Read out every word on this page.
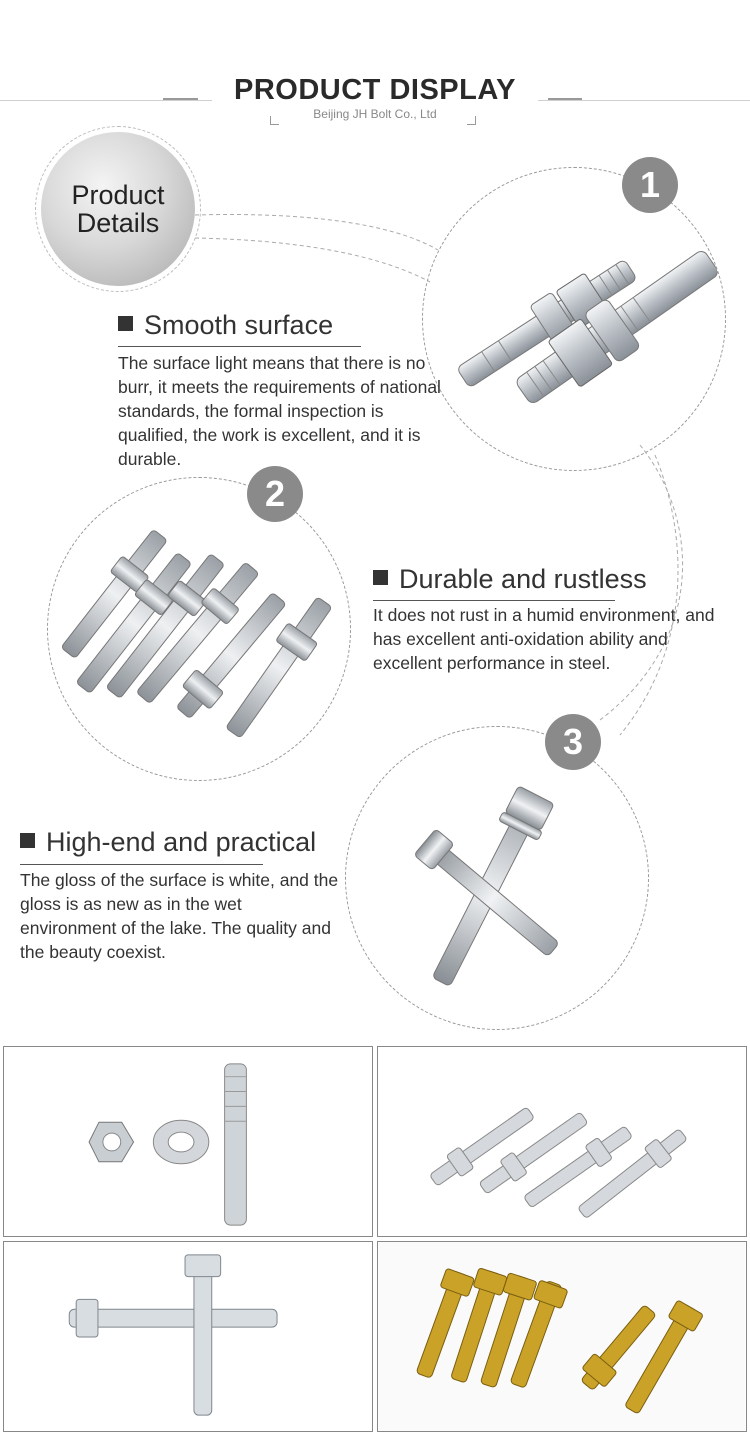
PRODUCT DISPLAY
Beijing JH Bolt Co., Ltd
Product
Details
1
Smooth surface
The surface light means that there is no burr, it meets the requirements of national standards, the formal inspection is qualified, the work is excellent, and it is durable.
2
Durable and rustless
It does not rust in a humid environment, and has excellent anti-oxidation ability and excellent performance in steel.
3
High-end and practical
The gloss of the surface is white, and the gloss is as new as in the wet environment of the lake. The quality and the beauty coexist.
